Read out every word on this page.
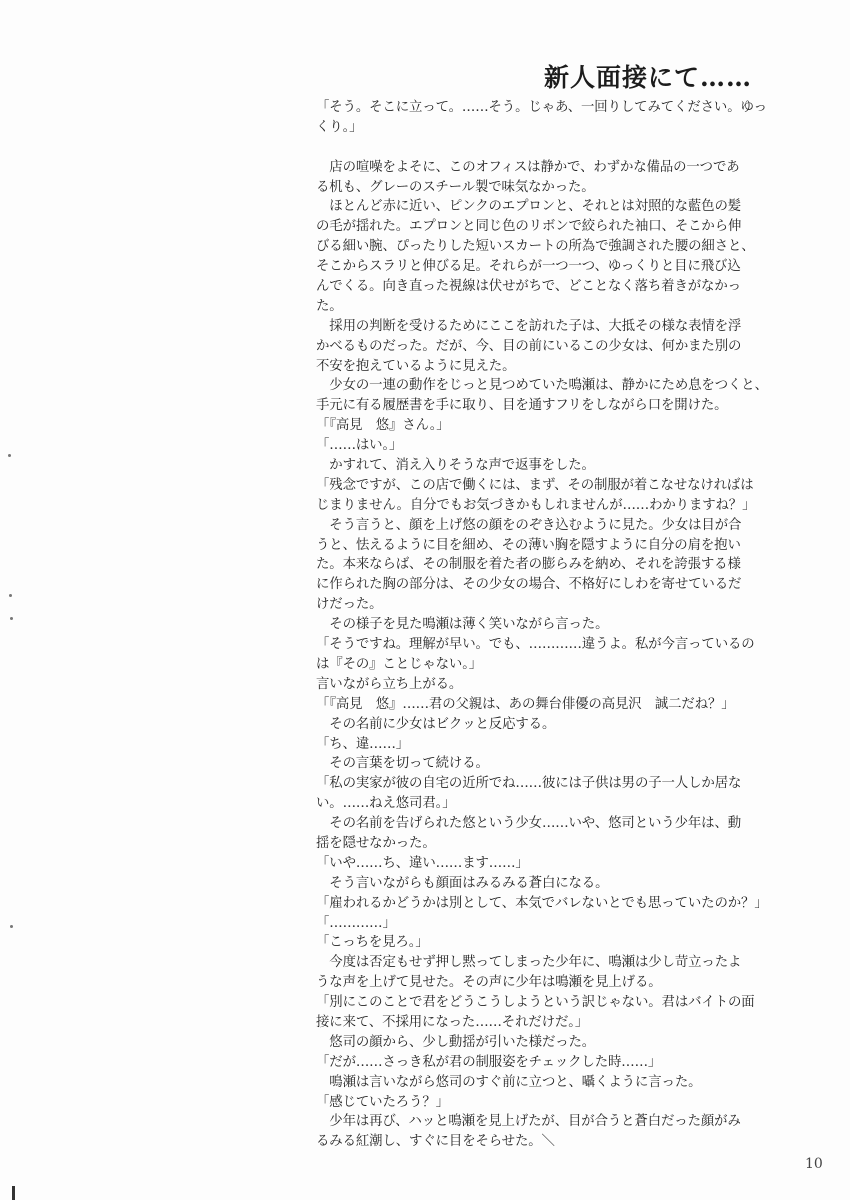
新人面接にて……
「そう。そこに立って。……そう。じゃあ、一回りしてみてください。ゆっ
くり。」
　店の喧噪をよそに、このオフィスは静かで、わずかな備品の一つであ
る机も、グレーのスチール製で味気なかった。
　ほとんど赤に近い、ピンクのエプロンと、それとは対照的な藍色の髪
の毛が揺れた。エプロンと同じ色のリボンで絞られた袖口、そこから伸
びる細い腕、ぴったりした短いスカートの所為で強調された腰の細さと、
そこからスラリと伸びる足。それらが一つ一つ、ゆっくりと目に飛び込
んでくる。向き直った視線は伏せがちで、どことなく落ち着きがなかっ
た。
　採用の判断を受けるためにここを訪れた子は、大抵その様な表情を浮
かべるものだった。だが、今、目の前にいるこの少女は、何かまた別の
不安を抱えているように見えた。
　少女の一連の動作をじっと見つめていた鳴瀬は、静かにため息をつくと、
手元に有る履歴書を手に取り、目を通すフリをしながら口を開けた。
「『高見　悠』さん。」
「……はい。」
　かすれて、消え入りそうな声で返事をした。
「残念ですが、この店で働くには、まず、その制服が着こなせなければは
じまりません。自分でもお気づきかもしれませんが……わかりますね？」
　そう言うと、顔を上げ悠の顔をのぞき込むように見た。少女は目が合
うと、怯えるように目を細め、その薄い胸を隠すように自分の肩を抱い
た。本来ならば、その制服を着た者の膨らみを納め、それを誇張する様
に作られた胸の部分は、その少女の場合、不格好にしわを寄せているだ
けだった。
　その様子を見た鳴瀬は薄く笑いながら言った。
「そうですね。理解が早い。でも、…………違うよ。私が今言っているの
は『その』ことじゃない。」
言いながら立ち上がる。
「『高見　悠』……君の父親は、あの舞台俳優の高見沢　誠二だね？」
　その名前に少女はビクッと反応する。
「ち、違……」
　その言葉を切って続ける。
「私の実家が彼の自宅の近所でね……彼には子供は男の子一人しか居な
い。……ねえ悠司君。」
　その名前を告げられた悠という少女……いや、悠司という少年は、動
揺を隠せなかった。
「いや……ち、違い……ます……」
　そう言いながらも顔面はみるみる蒼白になる。
「雇われるかどうかは別として、本気でバレないとでも思っていたのか？」
「…………」
「こっちを見ろ。」
　今度は否定もせず押し黙ってしまった少年に、鳴瀬は少し苛立ったよ
うな声を上げて見せた。その声に少年は鳴瀬を見上げる。
「別にこのことで君をどうこうしようという訳じゃない。君はバイトの面
接に来て、不採用になった……それだけだ。」
　悠司の顔から、少し動揺が引いた様だった。
「だが……さっき私が君の制服姿をチェックした時……」
　鳴瀬は言いながら悠司のすぐ前に立つと、囁くように言った。
「感じていたろう？」
　少年は再び、ハッと鳴瀬を見上げたが、目が合うと蒼白だった顔がみ
るみる紅潮し、すぐに目をそらせた。＼
10
